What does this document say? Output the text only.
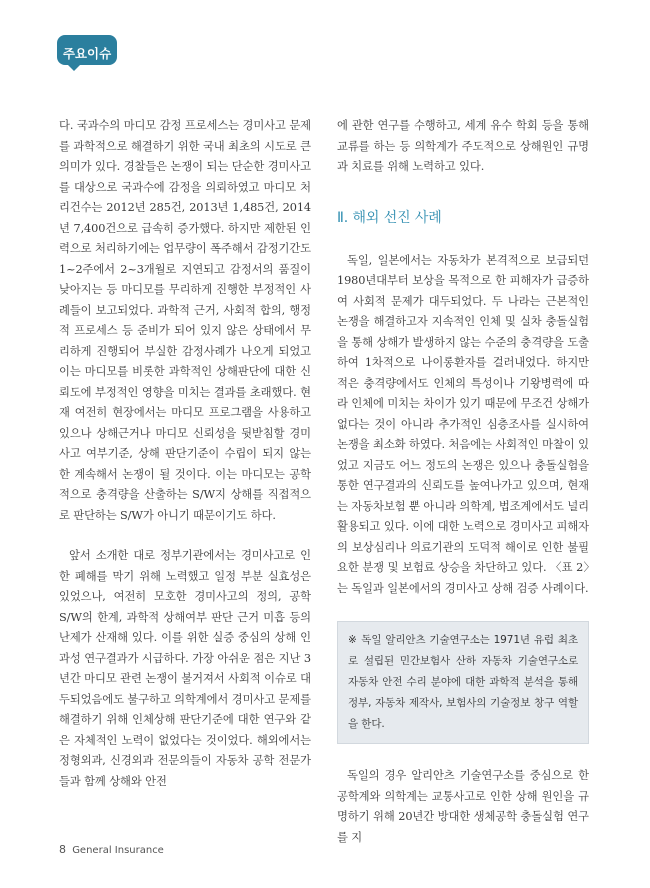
주요이슈

다. 국과수의 마디모 감정 프로세스는 경미사고 문제를 과학적으로 해결하기 위한 국내 최초의 시도로 큰 의미가 있다. 경찰들은 논쟁이 되는 단순한 경미사고를 대상으로 국과수에 감정을 의뢰하였고 마디모 처리건수는 2012년 285건, 2013년 1,485건, 2014년 7,400건으로 급속히 증가했다. 하지만 제한된 인력으로 처리하기에는 업무량이 폭주해서 감정기간도 1~2주에서 2~3개월로 지연되고 감정서의 품질이 낮아지는 등 마디모를 무리하게 진행한 부정적인 사례들이 보고되었다. 과학적 근거, 사회적 합의, 행정적 프로세스 등 준비가 되어 있지 않은 상태에서 무리하게 진행되어 부실한 감정사례가 나오게 되었고 이는 마디모를 비롯한 과학적인 상해판단에 대한 신뢰도에 부정적인 영향을 미치는 결과를 초래했다. 현재 여전히 현장에서는 마디모 프로그램을 사용하고 있으나 상해근거나 마디모 신뢰성을 뒷받침할 경미사고 여부기준, 상해 판단기준이 수립이 되지 않는 한 계속해서 논쟁이 될 것이다. 이는 마디모는 공학적으로 충격량을 산출하는 S/W지 상해를 직접적으로 판단하는 S/W가 아니기 때문이기도 하다.

앞서 소개한 대로 정부기관에서는 경미사고로 인한 폐해를 막기 위해 노력했고 일정 부분 실효성은 있었으나, 여전히 모호한 경미사고의 정의, 공학 S/W의 한계, 과학적 상해여부 판단 근거 미흡 등의 난제가 산재해 있다. 이를 위한 실증 중심의 상해 인과성 연구결과가 시급하다. 가장 아쉬운 점은 지난 3년간 마디모 관련 논쟁이 불거져서 사회적 이슈로 대두되었음에도 불구하고 의학계에서 경미사고 문제를 해결하기 위해 인체상해 판단기준에 대한 연구와 같은 자체적인 노력이 없었다는 것이었다. 해외에서는 정형외과, 신경외과 전문의들이 자동차 공학 전문가들과 함께 상해와 안전

에 관한 연구를 수행하고, 세계 유수 학회 등을 통해 교류를 하는 등 의학계가 주도적으로 상해원인 규명과 치료를 위해 노력하고 있다.

Ⅱ. 해외 선진 사례

독일, 일본에서는 자동차가 본격적으로 보급되던 1980년대부터 보상을 목적으로 한 피해자가 급증하여 사회적 문제가 대두되었다. 두 나라는 근본적인 논쟁을 해결하고자 지속적인 인체 및 실차 충돌실험을 통해 상해가 발생하지 않는 수준의 충격량을 도출하여 1차적으로 나이롱환자를 걸러내었다. 하지만 적은 충격량에서도 인체의 특성이나 기왕병력에 따라 인체에 미치는 차이가 있기 때문에 무조건 상해가 없다는 것이 아니라 추가적인 심층조사를 실시하여 논쟁을 최소화 하였다. 처음에는 사회적인 마찰이 있었고 지금도 어느 정도의 논쟁은 있으나 충돌실험을 통한 연구결과의 신뢰도를 높여나가고 있으며, 현재는 자동차보험 뿐 아니라 의학계, 법조계에서도 널리 활용되고 있다. 이에 대한 노력으로 경미사고 피해자의 보상심리나 의료기관의 도덕적 해이로 인한 불필요한 분쟁 및 보험료 상승을 차단하고 있다. 〈표 2〉는 독일과 일본에서의 경미사고 상해 검증 사례이다.

※ 독일 알리안츠 기술연구소는 1971년 유럽 최초로 설립된 민간보험사 산하 자동차 기술연구소로 자동차 안전 수리 분야에 대한 과학적 분석을 통해 정부, 자동차 제작사, 보험사의 기술정보 창구 역할을 한다.

독일의 경우 알리안츠 기술연구소를 중심으로 한 공학계와 의학계는 교통사고로 인한 상해 원인을 규명하기 위해 20년간 방대한 생체공학 충돌실험 연구를 지

8 General Insurance
